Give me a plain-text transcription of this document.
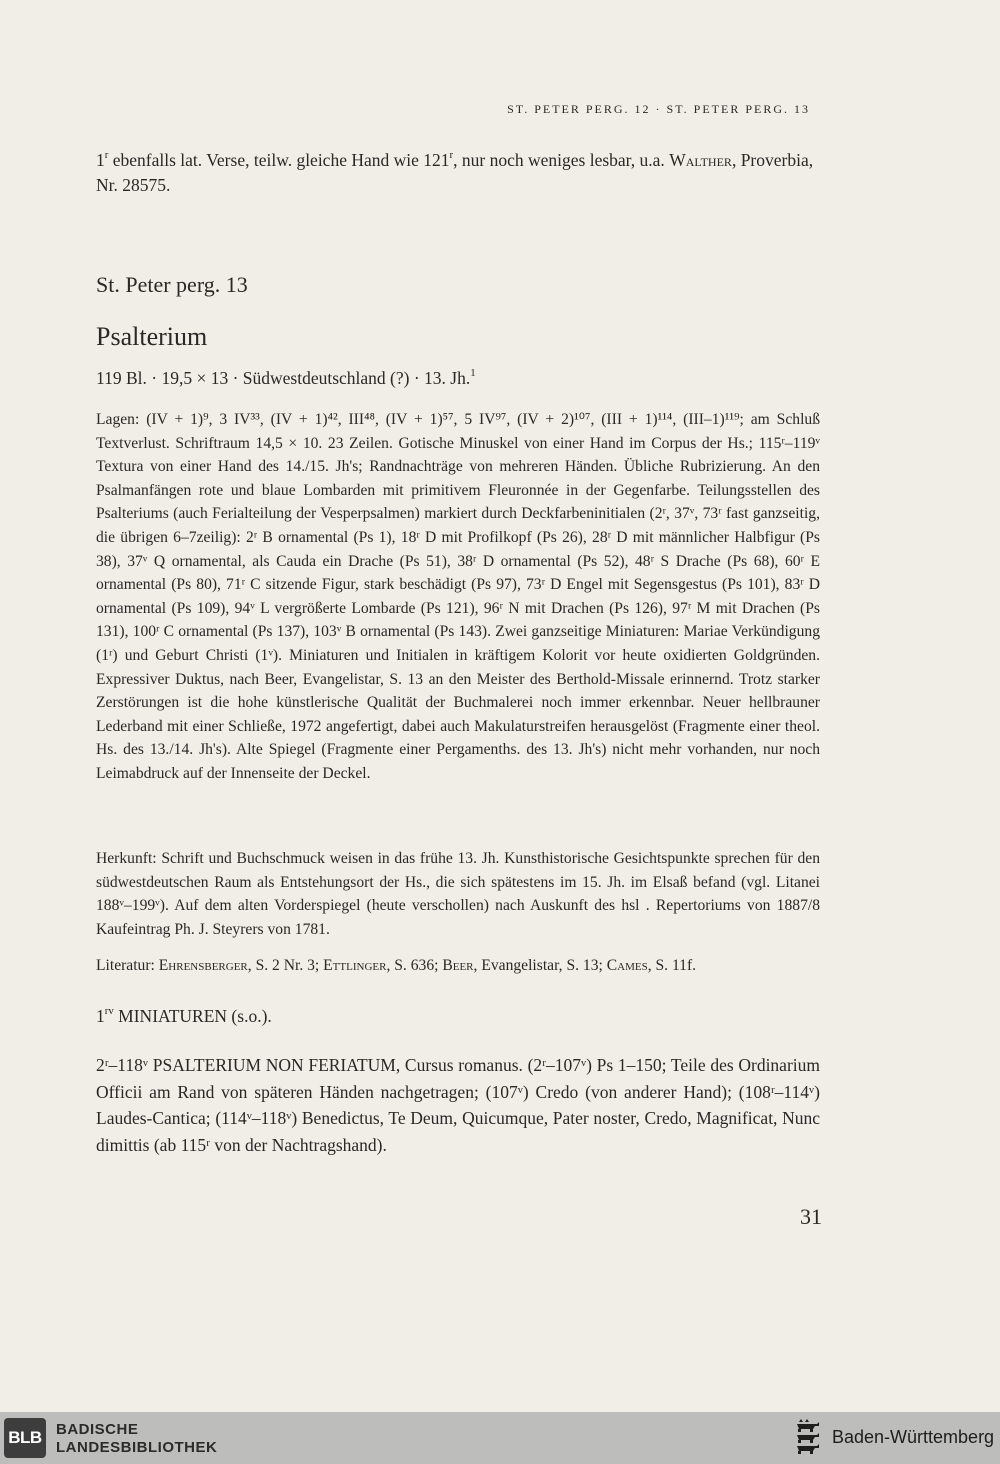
ST. PETER PERG. 12 · ST. PETER PERG. 13
1$^r$ ebenfalls lat. Verse, teilw. gleiche Hand wie 121$^r$, nur noch weniges lesbar, u.a. Walther, Proverbia, Nr. 28575.
St. Peter perg. 13
Psalterium
119 Bl. · 19,5 × 13 · Südwestdeutschland (?) · 13. Jh.$^1$
Lagen: (IV + 1)⁹, 3 IV³³, (IV + 1)⁴², III⁴⁸, (IV + 1)⁵⁷, 5 IV⁹⁷, (IV + 2)¹⁰⁷, (III + 1)¹¹⁴, (III–1)¹¹⁹; am Schluß Textverlust. Schriftraum 14,5 × 10. 23 Zeilen. Gotische Minuskel von einer Hand im Corpus der Hs.; 115ʳ–119ᵛ Textura von einer Hand des 14./15. Jh's; Randnachträge von mehreren Händen. Übliche Rubrizierung. An den Psalmanfängen rote und blaue Lombarden mit primitivem Fleuronnée in der Gegenfarbe. Teilungsstellen des Psalteriums (auch Ferialteilung der Vesperpsalmen) markiert durch Deckfarbeninitialen (2ʳ, 37ᵛ, 73ʳ fast ganzseitig, die übrigen 6–7zeilig): 2ʳ B ornamental (Ps 1), 18ʳ D mit Profilkopf (Ps 26), 28ʳ D mit männlicher Halbfigur (Ps 38), 37ᵛ Q ornamental, als Cauda ein Drache (Ps 51), 38ʳ D ornamental (Ps 52), 48ʳ S Drache (Ps 68), 60ʳ E ornamental (Ps 80), 71ʳ C sitzende Figur, stark beschädigt (Ps 97), 73ʳ D Engel mit Segensgestus (Ps 101), 83ʳ D ornamental (Ps 109), 94ᵛ L vergrößerte Lombarde (Ps 121), 96ʳ N mit Drachen (Ps 126), 97ʳ M mit Drachen (Ps 131), 100ʳ C ornamental (Ps 137), 103ᵛ B ornamental (Ps 143). Zwei ganzseitige Miniaturen: Mariae Verkündigung (1ʳ) und Geburt Christi (1ᵛ). Miniaturen und Initialen in kräftigem Kolorit vor heute oxidierten Goldgründen. Expressiver Duktus, nach Beer, Evangelistar, S. 13 an den Meister des Berthold-Missale erinnernd. Trotz starker Zerstörungen ist die hohe künstlerische Qualität der Buchmalerei noch immer erkennbar. Neuer hellbrauner Lederband mit einer Schließe, 1972 angefertigt, dabei auch Makulaturstreifen herausgelöst (Fragmente einer theol. Hs. des 13./14. Jh's). Alte Spiegel (Fragmente einer Pergamenths. des 13. Jh's) nicht mehr vorhanden, nur noch Leimabdruck auf der Innenseite der Deckel.
Herkunft: Schrift und Buchschmuck weisen in das frühe 13. Jh. Kunsthistorische Gesichtspunkte sprechen für den südwestdeutschen Raum als Entstehungsort der Hs., die sich spätestens im 15. Jh. im Elsaß befand (vgl. Litanei 188ᵛ–199ᵛ). Auf dem alten Vorderspiegel (heute verschollen) nach Auskunft des hsl . Repertoriums von 1887/8 Kaufeintrag Ph. J. Steyrers von 1781.
Literatur: Ehrensberger, S. 2 Nr. 3; Ettlinger, S. 636; Beer, Evangelistar, S. 13; Cames, S. 11f.
$1^{rv}$ MINIATUREN (s.o.).
2ʳ–118ᵛ PSALTERIUM NON FERIATUM, Cursus romanus. (2ʳ–107ᵛ) Ps 1–150; Teile des Ordinarium Officii am Rand von späteren Händen nachgetragen; (107ᵛ) Credo (von anderer Hand); (108ʳ–114ᵛ) Laudes-Cantica; (114ᵛ–118ᵛ) Benedictus, Te Deum, Quicumque, Pater noster, Credo, Magnificat, Nunc dimittis (ab 115ʳ von der Nachtragshand).
31
BLB BADISCHE
LANDESBIBLIOTHEK
Baden-Württemberg
